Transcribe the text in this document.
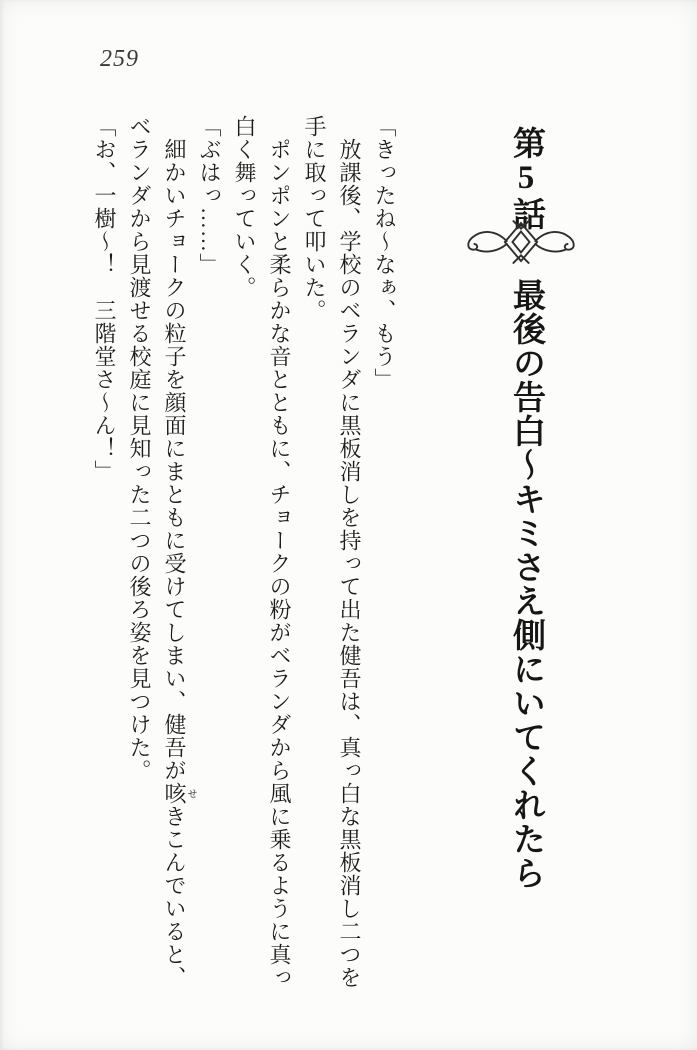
259
第5話
最後の告白～キミさえ側にいてくれたら
「きったね～なぁ、もう」
放課後、学校のベランダに黒板消しを持って出た健吾は、真っ白な黒板消し二つを
手に取って叩いた。
ポンポンと柔らかな音とともに、チョークの粉がベランダから風に乗るように真っ
白く舞っていく。
「ぶはっ……」
細かいチョークの粒子を顔面にまともに受けてしまい、健吾が咳せきこんでいると、
ベランダから見渡せる校庭に見知った二つの後ろ姿を見つけた。
「お、一樹～！　三階堂さ～ん！」
